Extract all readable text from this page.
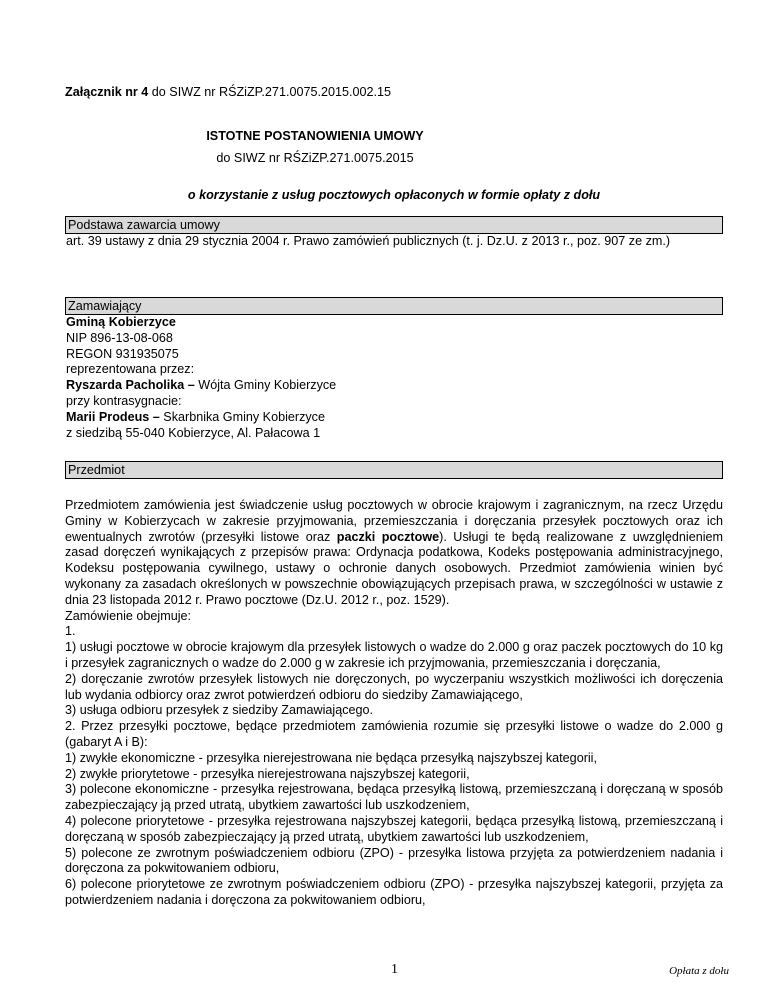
Załącznik nr 4 do SIWZ nr RŚZiZP.271.0075.2015.002.15
ISTOTNE POSTANOWIENIA UMOWY
do SIWZ nr RŚZiZP.271.0075.2015
o korzystanie z usług pocztowych opłaconych w formie opłaty z dołu
Podstawa zawarcia umowy
art. 39 ustawy z dnia 29 stycznia 2004 r. Prawo zamówień publicznych (t. j. Dz.U. z 2013 r., poz. 907 ze zm.)
Zamawiający
Gminą Kobierzyce
NIP 896-13-08-068
REGON 931935075
reprezentowana przez:
Ryszarda Pacholika – Wójta Gminy Kobierzyce
przy kontrasygnacie:
Marii Prodeus – Skarbnika Gminy Kobierzyce
z siedzibą 55-040 Kobierzyce, Al. Pałacowa 1
Przedmiot

Przedmiotem zamówienia jest świadczenie usług pocztowych w obrocie krajowym i zagranicznym, na rzecz Urzędu Gminy w Kobierzycach w zakresie przyjmowania, przemieszczania i doręczania przesyłek pocztowych oraz ich ewentualnych zwrotów (przesyłki listowe oraz paczki pocztowe). Usługi te będą realizowane z uwzględnieniem zasad doręczeń wynikających z przepisów prawa: Ordynacja podatkowa, Kodeks postępowania administracyjnego, Kodeksu postępowania cywilnego, ustawy o ochronie danych osobowych. Przedmiot zamówienia winien być wykonany za zasadach określonych w powszechnie obowiązujących przepisach prawa, w szczególności w ustawie z dnia 23 listopada 2012 r. Prawo pocztowe (Dz.U. 2012 r., poz. 1529).

Zamówienie obejmuje:

1.

1) usługi pocztowe w obrocie krajowym dla przesyłek listowych o wadze do 2.000 g oraz paczek pocztowych do 10 kg i przesyłek zagranicznych o wadze do 2.000 g w zakresie ich przyjmowania, przemieszczania i doręczania,

2) doręczanie zwrotów przesyłek listowych nie doręczonych, po wyczerpaniu wszystkich możliwości ich doręczenia lub wydania odbiorcy oraz zwrot potwierdzeń odbioru do siedziby Zamawiającego,

3) usługa odbioru przesyłek z siedziby Zamawiającego.

2. Przez przesyłki pocztowe, będące przedmiotem zamówienia rozumie się przesyłki listowe o wadze do 2.000 g (gabaryt A i B):

1) zwykłe ekonomiczne - przesyłka nierejestrowana nie będąca przesyłką najszybszej kategorii,

2) zwykłe priorytetowe - przesyłka nierejestrowana najszybszej kategorii,

3) polecone ekonomiczne - przesyłka rejestrowana, będąca przesyłką listową, przemieszczaną i doręczaną w sposób zabezpieczający ją przed utratą, ubytkiem zawartości lub uszkodzeniem,

4) polecone priorytetowe - przesyłka rejestrowana najszybszej kategorii, będąca przesyłką listową, przemieszczaną i doręczaną w sposób zabezpieczający ją przed utratą, ubytkiem zawartości lub uszkodzeniem,

5) polecone ze zwrotnym poświadczeniem odbioru (ZPO) - przesyłka listowa przyjęta za potwierdzeniem nadania i doręczona za pokwitowaniem odbioru,

6) polecone priorytetowe ze zwrotnym poświadczeniem odbioru (ZPO) - przesyłka najszybszej kategorii, przyjęta za potwierdzeniem nadania i doręczona za pokwitowaniem odbioru,

1	Opłata z dołu
